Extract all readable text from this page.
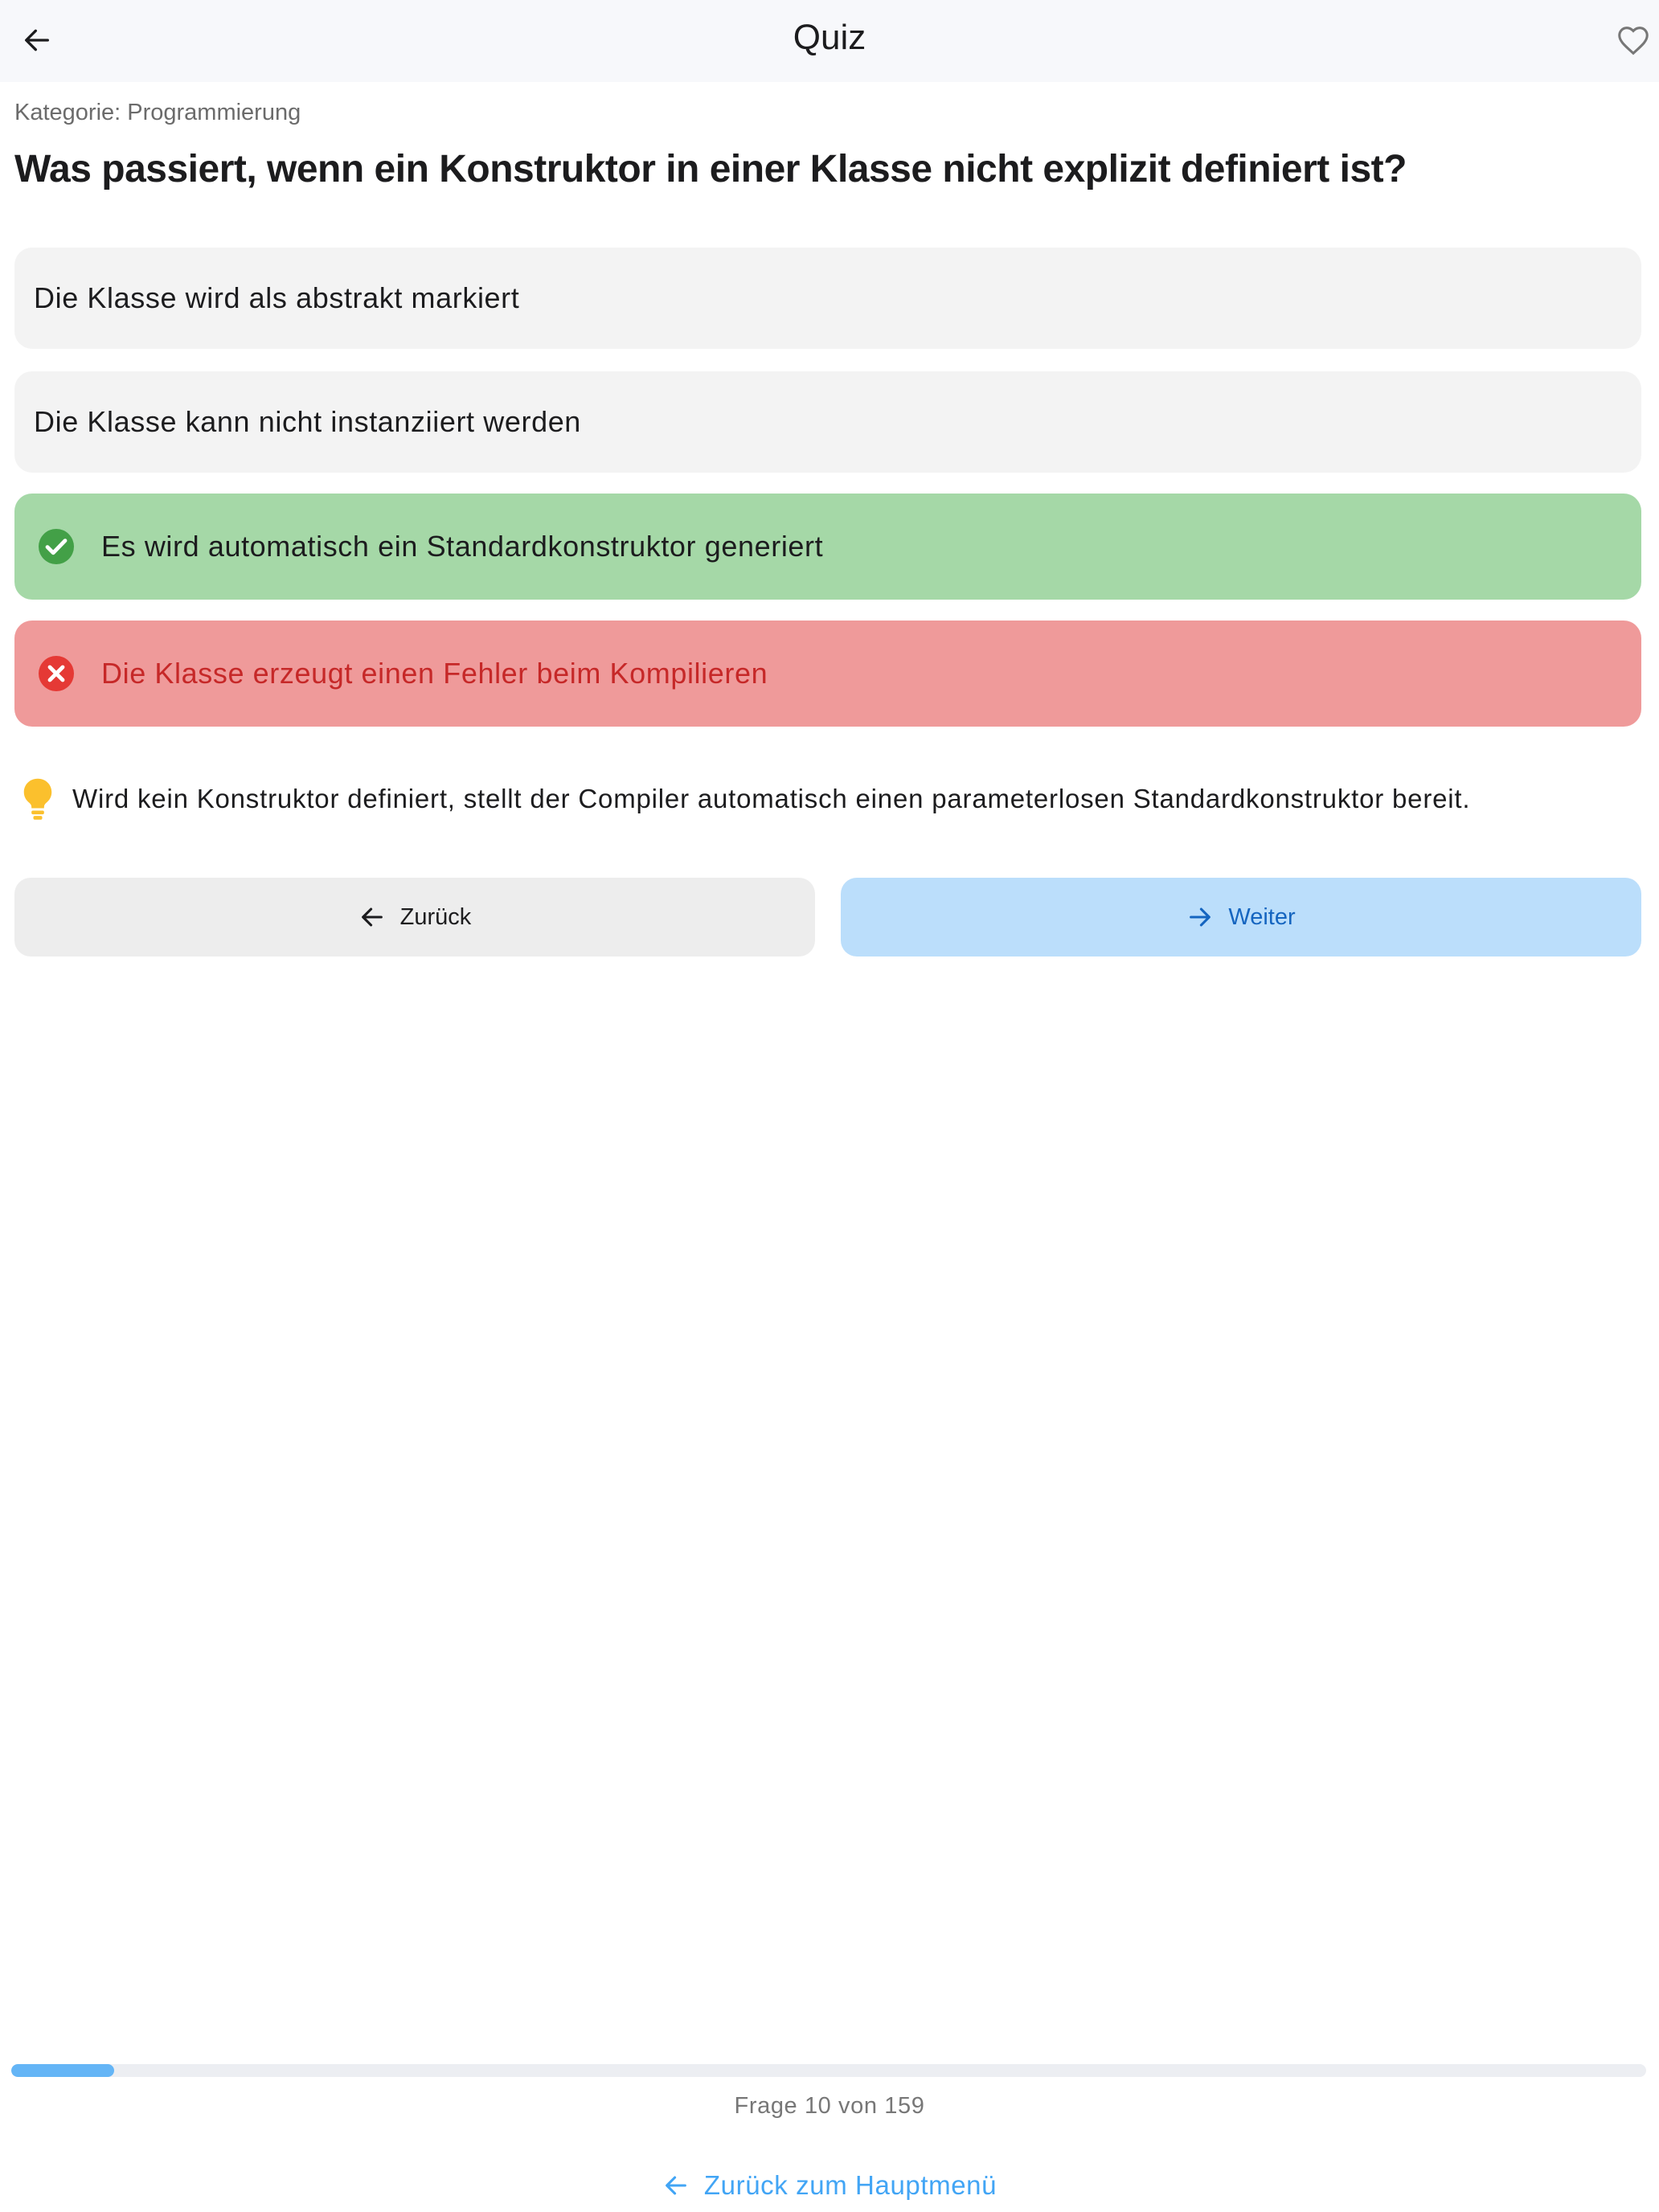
Quiz
Kategorie: Programmierung
Was passiert, wenn ein Konstruktor in einer Klasse nicht explizit definiert ist?
Die Klasse wird als abstrakt markiert
Die Klasse kann nicht instanziiert werden
Es wird automatisch ein Standardkonstruktor generiert
Die Klasse erzeugt einen Fehler beim Kompilieren
Wird kein Konstruktor definiert, stellt der Compiler automatisch einen parameterlosen Standardkonstruktor bereit.
Zurück	Weiter
Frage 10 von 159
Zurück zum Hauptmenü
